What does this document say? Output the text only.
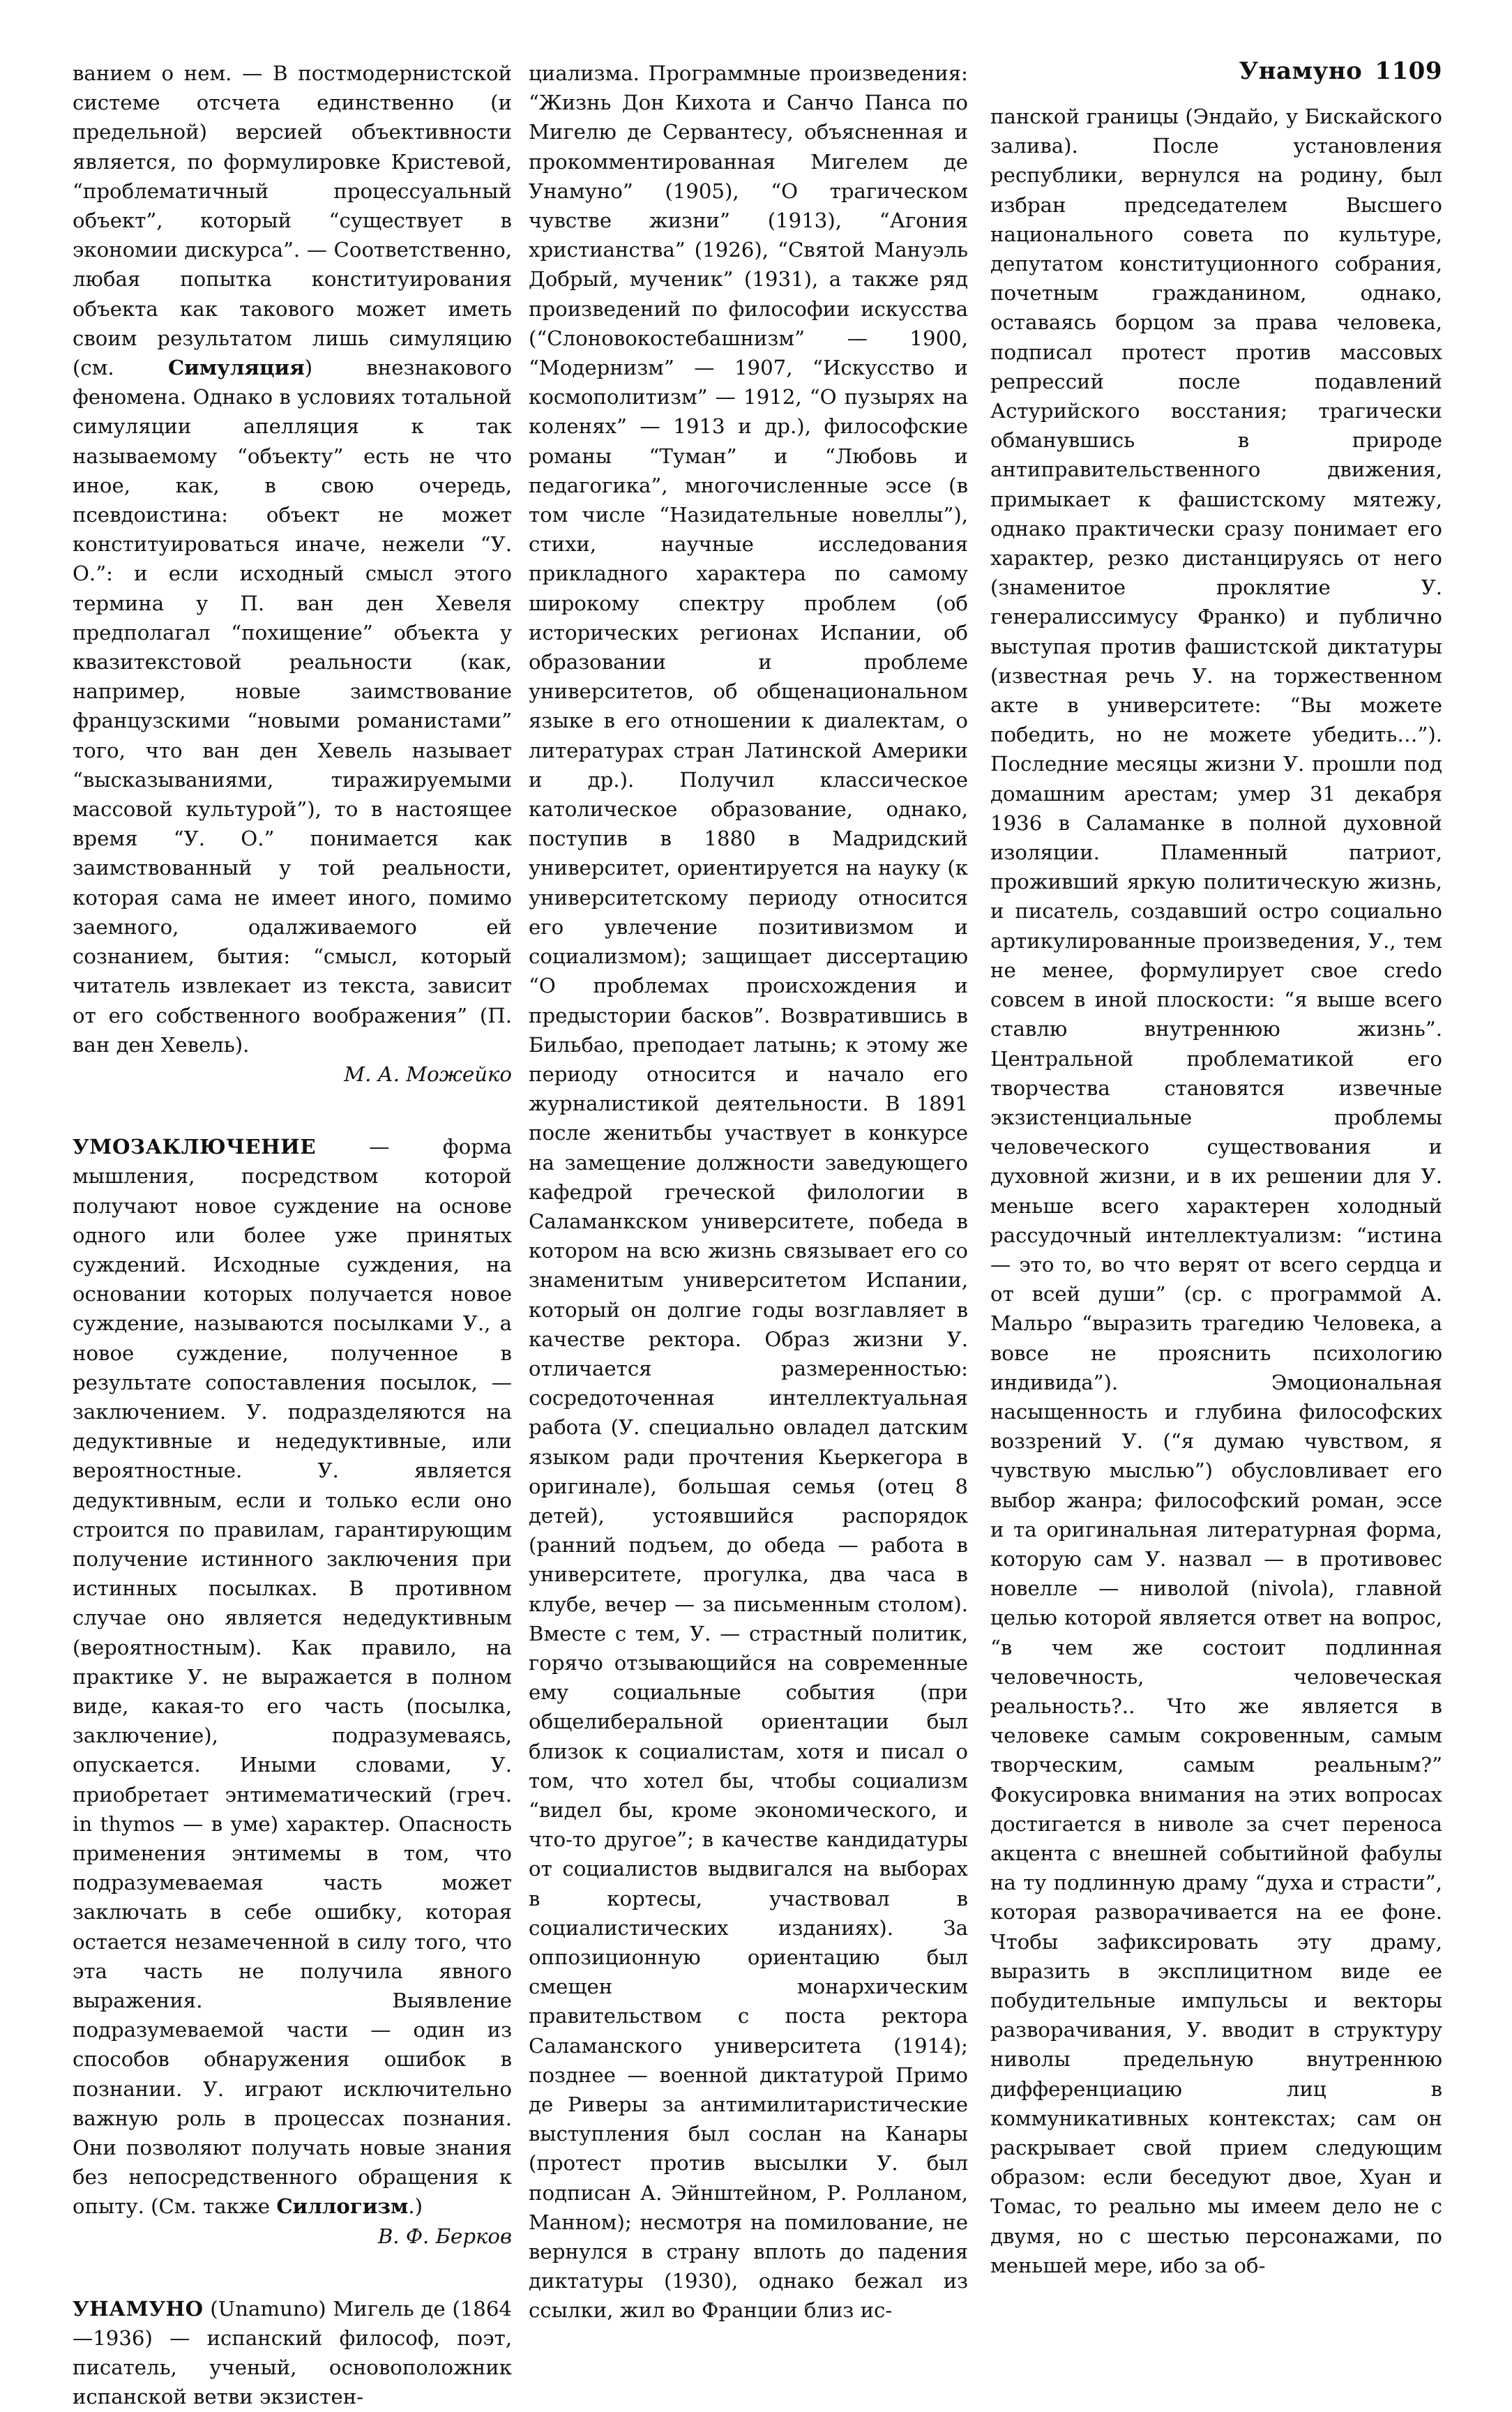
Унамуно 1109

ванием о нем. — В постмодернистской системе отсчета единственно (и предельной) версией объективности является, по формулировке Кристевой, “проблематичный процессуальный объект”, который “существует в экономии дискурса”. — Соответственно, любая попытка конституирования объекта как такового может иметь своим результатом лишь симуляцию (см.	Симуляция) внезнакового феномена. Однако в условиях тотальной симуляции апелляция к так называемому “объекту” есть не что иное, как, в свою очередь, псевдоистина: объект не может конституироваться иначе, нежели “У. О.”: и если исходный смысл этого термина у П. ван ден Хевеля предполагал “похищение” объекта у квазитекстовой реальности (как, например, новые заимствование французскими “новыми романистами” того, что ван ден Хевель называет “высказываниями, тиражируемыми массовой культурой”), то в настоящее время “У. О.” понимается как заимствованный у той реальности, которая сама не имеет иного, помимо заемного, одалживаемого ей сознанием, бытия: “смысл, который читатель извлекает из текста, зависит от его собственного воображения” (П. ван ден Хевель).

М. А. Можейко

УМОЗАКЛЮЧЕНИЕ — форма мышления, посредством которой получают новое суждение на основе одного или более уже принятых суждений. Исходные суждения, на основании которых получается новое суждение, называются посылками У., а новое суждение, полученное в результате сопоставления посылок, — заключением. У. подразделяются на дедуктивные и недедуктивные, или вероятностные. У. является дедуктивным, если и только если оно строится по правилам, гарантирующим получение истинного заключения при истинных посылках. В противном случае оно является недедуктивным (вероятностным). Как правило, на практике У. не выражается в полном виде, какая-то его часть (посылка, заключение), подразумеваясь, опускается. Иными словами, У. приобретает энтимематический (греч. in thymos — в уме) характер. Опасность применения энтимемы в том, что подразумеваемая часть может заключать в себе ошибку, которая остается незамеченной в силу того, что эта часть не получила явного выражения. Выявление подразумеваемой части — один из способов обнаружения ошибок в познании. У. играют исключительно важную роль в процессах познания. Они позволяют получать новые знания без непосредственного обращения к опыту. (См. также Силлогизм.)

В. Ф. Берков

УНАМУНО (Unamuno) Мигель де (1864—1936) — испанский философ, поэт, писатель, ученый, основоположник испанской ветви экзистен-

циализма. Программные произведения: “Жизнь Дон Кихота и Санчо Панса по Мигелю де Сервантесу, объясненная и прокомментированная Мигелем де Унамуно” (1905), “О трагическом чувстве жизни” (1913), “Агония христианства” (1926), “Святой Мануэль Добрый, мученик” (1931), а также ряд произведений по философии искусства (“Слоновокостебашнизм” — 1900, “Модернизм” — 1907, “Искусство и космополитизм” — 1912, “О пузырях на коленях” — 1913 и др.), философские романы “Туман” и “Любовь и педагогика”, многочисленные эссе (в том числе “Назидательные новеллы”), стихи, научные исследования прикладного характера по самому широкому спектру проблем (об исторических регионах Испании, об образовании и проблеме университетов, об общенациональном языке в его отношении к диалектам, о литературах стран Латинской Америки и др.). Получил классическое католическое образование, однако, поступив в 1880 в Мадридский университет, ориентируется на науку (к университетскому периоду относится его увлечение позитивизмом и социализмом); защищает диссертацию “О проблемах происхождения и предыстории басков”. Возвратившись в Бильбао, преподает латынь; к этому же периоду относится и начало его журналистикой деятельности. В 1891 после женитьбы участвует в конкурсе на замещение должности заведующего кафедрой греческой филологии в Саламанкском университете, победа в котором на всю жизнь связывает его со знаменитым университетом Испании, который он долгие годы возглавляет в качестве ректора. Образ жизни У. отличается размеренностью: сосредоточенная интеллектуальная работа (У. специально овладел датским языком ради прочтения Кьеркегора в оригинале), большая семья (отец 8 детей), устоявшийся распорядок (ранний подъем, до обеда — работа в университете, прогулка, два часа в клубе, вечер — за письменным столом). Вместе с тем, У. — страстный политик, горячо отзывающийся на современные ему социальные события (при общелиберальной ориентации был близок к социалистам, хотя и писал о том, что хотел бы, чтобы социализм “видел бы, кроме экономического, и что-то другое”; в качестве кандидатуры от социалистов выдвигался на выборах в кортесы, участвовал в социалистических изданиях). За оппозиционную ориентацию был смещен монархическим правительством с поста ректора Саламанского университета (1914); позднее — военной диктатурой Примо де Риверы за антимилитаристические выступления был сослан на Канары (протест против высылки У. был подписан А. Эйнштейном, Р. Ролланом, Манном); несмотря на помилование, не вернулся в страну вплоть до падения диктатуры (1930), однако бежал из ссылки, жил во Франции близ ис-

панской границы (Эндайо, у Бискайского залива). После установления республики, вернулся на родину, был избран председателем Высшего национального совета по культуре, депутатом конституционного собрания, почетным гражданином, однако, оставаясь борцом за права человека, подписал протест против массовых репрессий после подавлений Астурийского восстания; трагически обманувшись в природе антиправительственного движения, примыкает к фашистскому мятежу, однако практически сразу понимает его характер, резко дистанцируясь от него (знаменитое проклятие У. генералиссимусу Франко) и публично выступая против фашистской диктатуры (известная речь У. на торжественном акте в университете: “Вы можете победить, но не можете убедить…”). Последние месяцы жизни У. прошли под домашним арестам; умер 31 декабря 1936 в Саламанке в полной духовной изоляции. Пламенный патриот, проживший яркую политическую жизнь, и писатель, создавший остро социально артикулированные произведения, У., тем не менее, формулирует свое credo совсем в иной плоскости: “я выше всего ставлю внутреннюю жизнь”. Центральной проблематикой его творчества становятся извечные экзистенциальные проблемы человеческого существования и духовной жизни, и в их решении для У. меньше всего характерен холодный рассудочный интеллектуализм: “истина — это то, во что верят от всего сердца и от всей души” (ср. с программой А. Мальро “выразить трагедию Человека, а вовсе не прояснить психологию индивида”). Эмоциональная насыщенность и глубина философских воззрений У. (“я думаю чувством, я чувствую мыслью”) обусловливает его выбор жанра; философский роман, эссе и та оригинальная литературная форма, которую сам У. назвал — в противовес новелле — ниволой (nivola), главной целью которой является ответ на вопрос, “в чем же состоит подлинная человечность, человеческая реальность?.. Что же является в человеке самым сокровенным, самым творческим, самым реальным?” Фокусировка внимания на этих вопросах достигается в ниволе за счет переноса акцента с внешней событийной фабулы на ту подлинную драму “духа и страсти”, которая разворачивается на ее фоне. Чтобы зафиксировать эту драму, выразить в эксплицитном виде ее побудительные импульсы и векторы разворачивания, У. вводит в структуру ниволы предельную внутреннюю дифференциацию лиц в коммуникативных контекстах; сам он раскрывает свой прием следующим образом: если беседуют двое, Хуан и Томас, то реально мы имеем дело не с двумя, но с шестью персонажами, по меньшей мере, ибо за об-
